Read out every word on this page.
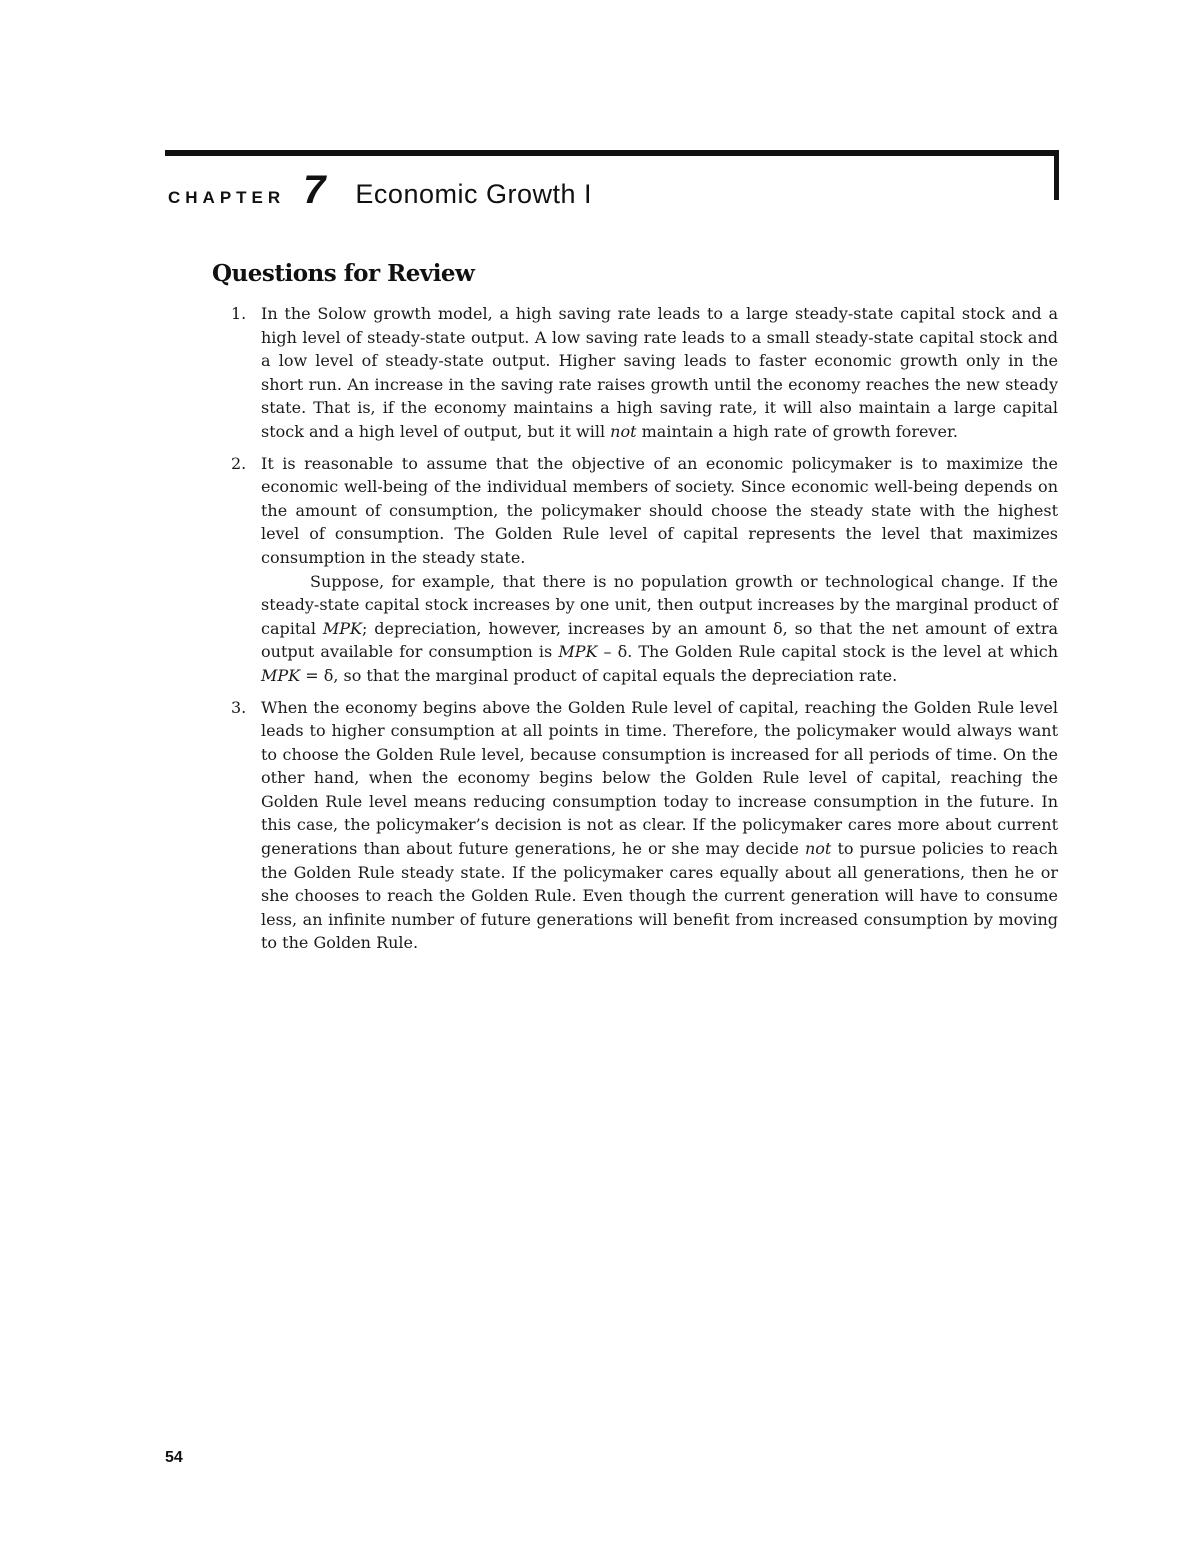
CHAPTER 7 Economic Growth I
Questions for Review
1. In the Solow growth model, a high saving rate leads to a large steady-state capital stock and a high level of steady-state output. A low saving rate leads to a small steady-state capital stock and a low level of steady-state output. Higher saving leads to faster economic growth only in the short run. An increase in the saving rate raises growth until the economy reaches the new steady state. That is, if the economy maintains a high saving rate, it will also maintain a large capital stock and a high level of output, but it will not maintain a high rate of growth forever.

2. It is reasonable to assume that the objective of an economic policymaker is to maximize the economic well-being of the individual members of society. Since economic well-being depends on the amount of consumption, the policymaker should choose the steady state with the highest level of consumption. The Golden Rule level of capital represents the level that maximizes consumption in the steady state.

Suppose, for example, that there is no population growth or technological change. If the steady-state capital stock increases by one unit, then output increases by the marginal product of capital MPK; depreciation, however, increases by an amount δ, so that the net amount of extra output available for consumption is MPK – δ. The Golden Rule capital stock is the level at which MPK = δ, so that the marginal product of capital equals the depreciation rate.

3. When the economy begins above the Golden Rule level of capital, reaching the Golden Rule level leads to higher consumption at all points in time. Therefore, the policymaker would always want to choose the Golden Rule level, because consumption is increased for all periods of time. On the other hand, when the economy begins below the Golden Rule level of capital, reaching the Golden Rule level means reducing consumption today to increase consumption in the future. In this case, the policymaker’s decision is not as clear. If the policymaker cares more about current generations than about future generations, he or she may decide not to pursue policies to reach the Golden Rule steady state. If the policymaker cares equally about all generations, then he or she chooses to reach the Golden Rule. Even though the current generation will have to consume less, an infinite number of future generations will benefit from increased consumption by moving to the Golden Rule.

54
